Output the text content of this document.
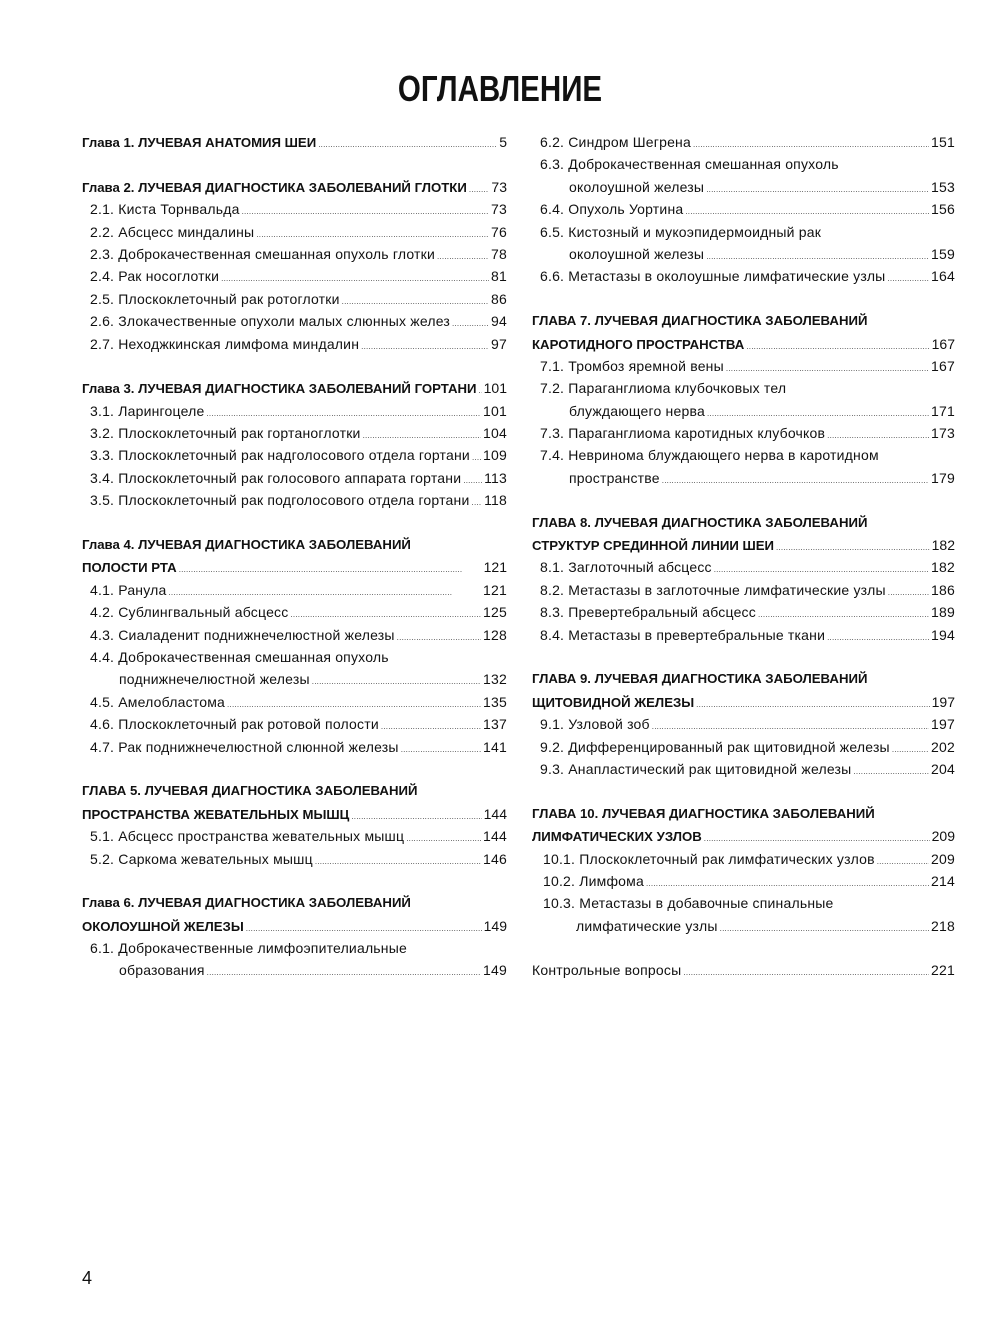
ОГЛАВЛЕНИЕ
Глава 1. ЛУЧЕВАЯ АНАТОМИЯ ШЕИ . . .	5
Глава 2. ЛУЧЕВАЯ ДИАГНОСТИКА ЗАБОЛЕВАНИЙ ГЛОТКИ . . . 73
2.1. Киста Торнвальда . . .	73
2.2. Абсцесс миндалины . . .	76
2.3. Доброкачественная смешанная опухоль глотки . . .	78
2.4. Рак носоглотки . . .	81
2.5. Плоскоклеточный рак ротоглотки . . .	86
2.6. Злокачественные опухоли малых слюнных желез . . .	94
2.7. Неходжкинская лимфома миндалин . . .	97
Глава 3. ЛУЧЕВАЯ ДИАГНОСТИКА ЗАБОЛЕВАНИЙ ГОРТАНИ . . . 101
3.1. Ларингоцеле . . .	101
3.2. Плоскоклеточный рак гортаноглотки . . .	104
3.3. Плоскоклеточный рак надголосового отдела гортани . . . 109
3.4. Плоскоклеточный рак голосового аппарата гортани . . . 113
3.5. Плоскоклеточный рак подголосового отдела гортани . . . 118
Глава 4. ЛУЧЕВАЯ ДИАГНОСТИКА ЗАБОЛЕВАНИЙ
ПОЛОСТИ РТА . . .	121
4.1. Ранула . . .	121
4.2. Сублингвальный абсцесс . . .	125
4.3. Сиаладенит поднижнечелюстной железы . . .	128
4.4. Доброкачественная смешанная опухоль
поднижнечелюстной железы . . .	132
4.5. Амелобластома . . .	135
4.6. Плоскоклеточный рак ротовой полости . . .	137
4.7. Рак поднижнечелюстной слюнной железы . . .	141
ГЛАВА 5. ЛУЧЕВАЯ ДИАГНОСТИКА ЗАБОЛЕВАНИЙ
ПРОСТРАНСТВА ЖЕВАТЕЛЬНЫХ МЫШЦ . . .	144
5.1. Абсцесс пространства жевательных мышц . . .	144
5.2. Саркома жевательных мышц . . .	146
Глава 6. ЛУЧЕВАЯ ДИАГНОСТИКА ЗАБОЛЕВАНИЙ
ОКОЛОУШНОЙ ЖЕЛЕЗЫ . . .	149
6.1. Доброкачественные лимфоэпителиальные
образования . . .	149
6.2. Синдром Шегрена . . .	151
6.3. Доброкачественная смешанная опухоль
околоушной железы . . .	153
6.4. Опухоль Уортина . . .	156
6.5. Кистозный и мукоэпидермоидный рак
околоушной железы . . .	159
6.6. Метастазы в околоушные лимфатические узлы . . .	164
ГЛАВА 7. ЛУЧЕВАЯ ДИАГНОСТИКА ЗАБОЛЕВАНИЙ
КАРОТИДНОГО ПРОСТРАНСТВА . . .	167
7.1. Тромбоз яремной вены . . .	167
7.2. Параганглиома клубочковых тел
блуждающего нерва . . .	171
7.3. Параганглиома каротидных клубочков . . .	173
7.4. Невринома блуждающего нерва в каротидном
пространстве . . .	179
ГЛАВА 8. ЛУЧЕВАЯ ДИАГНОСТИКА ЗАБОЛЕВАНИЙ
СТРУКТУР СРЕДИННОЙ ЛИНИИ ШЕИ . . .	182
8.1. Заглоточный абсцесс . . .	182
8.2. Метастазы в заглоточные лимфатические узлы . . .	186
8.3. Превертебральный абсцесс . . .	189
8.4. Метастазы в превертебральные ткани . . .	194
ГЛАВА 9. ЛУЧЕВАЯ ДИАГНОСТИКА ЗАБОЛЕВАНИЙ
ЩИТОВИДНОЙ ЖЕЛЕЗЫ . . .	197
9.1. Узловой зоб . . .	197
9.2. Дифференцированный рак щитовидной железы . . .	202
9.3. Анапластический рак щитовидной железы . . .	204
ГЛАВА 10. ЛУЧЕВАЯ ДИАГНОСТИКА ЗАБОЛЕВАНИЙ
ЛИМФАТИЧЕСКИХ УЗЛОВ . . .	209
10.1. Плоскоклеточный рак лимфатических узлов . . .	209
10.2. Лимфома . . .	214
10.3. Метастазы в добавочные спинальные
лимфатические узлы . . .	218
Контрольные вопросы . . .	221
4
